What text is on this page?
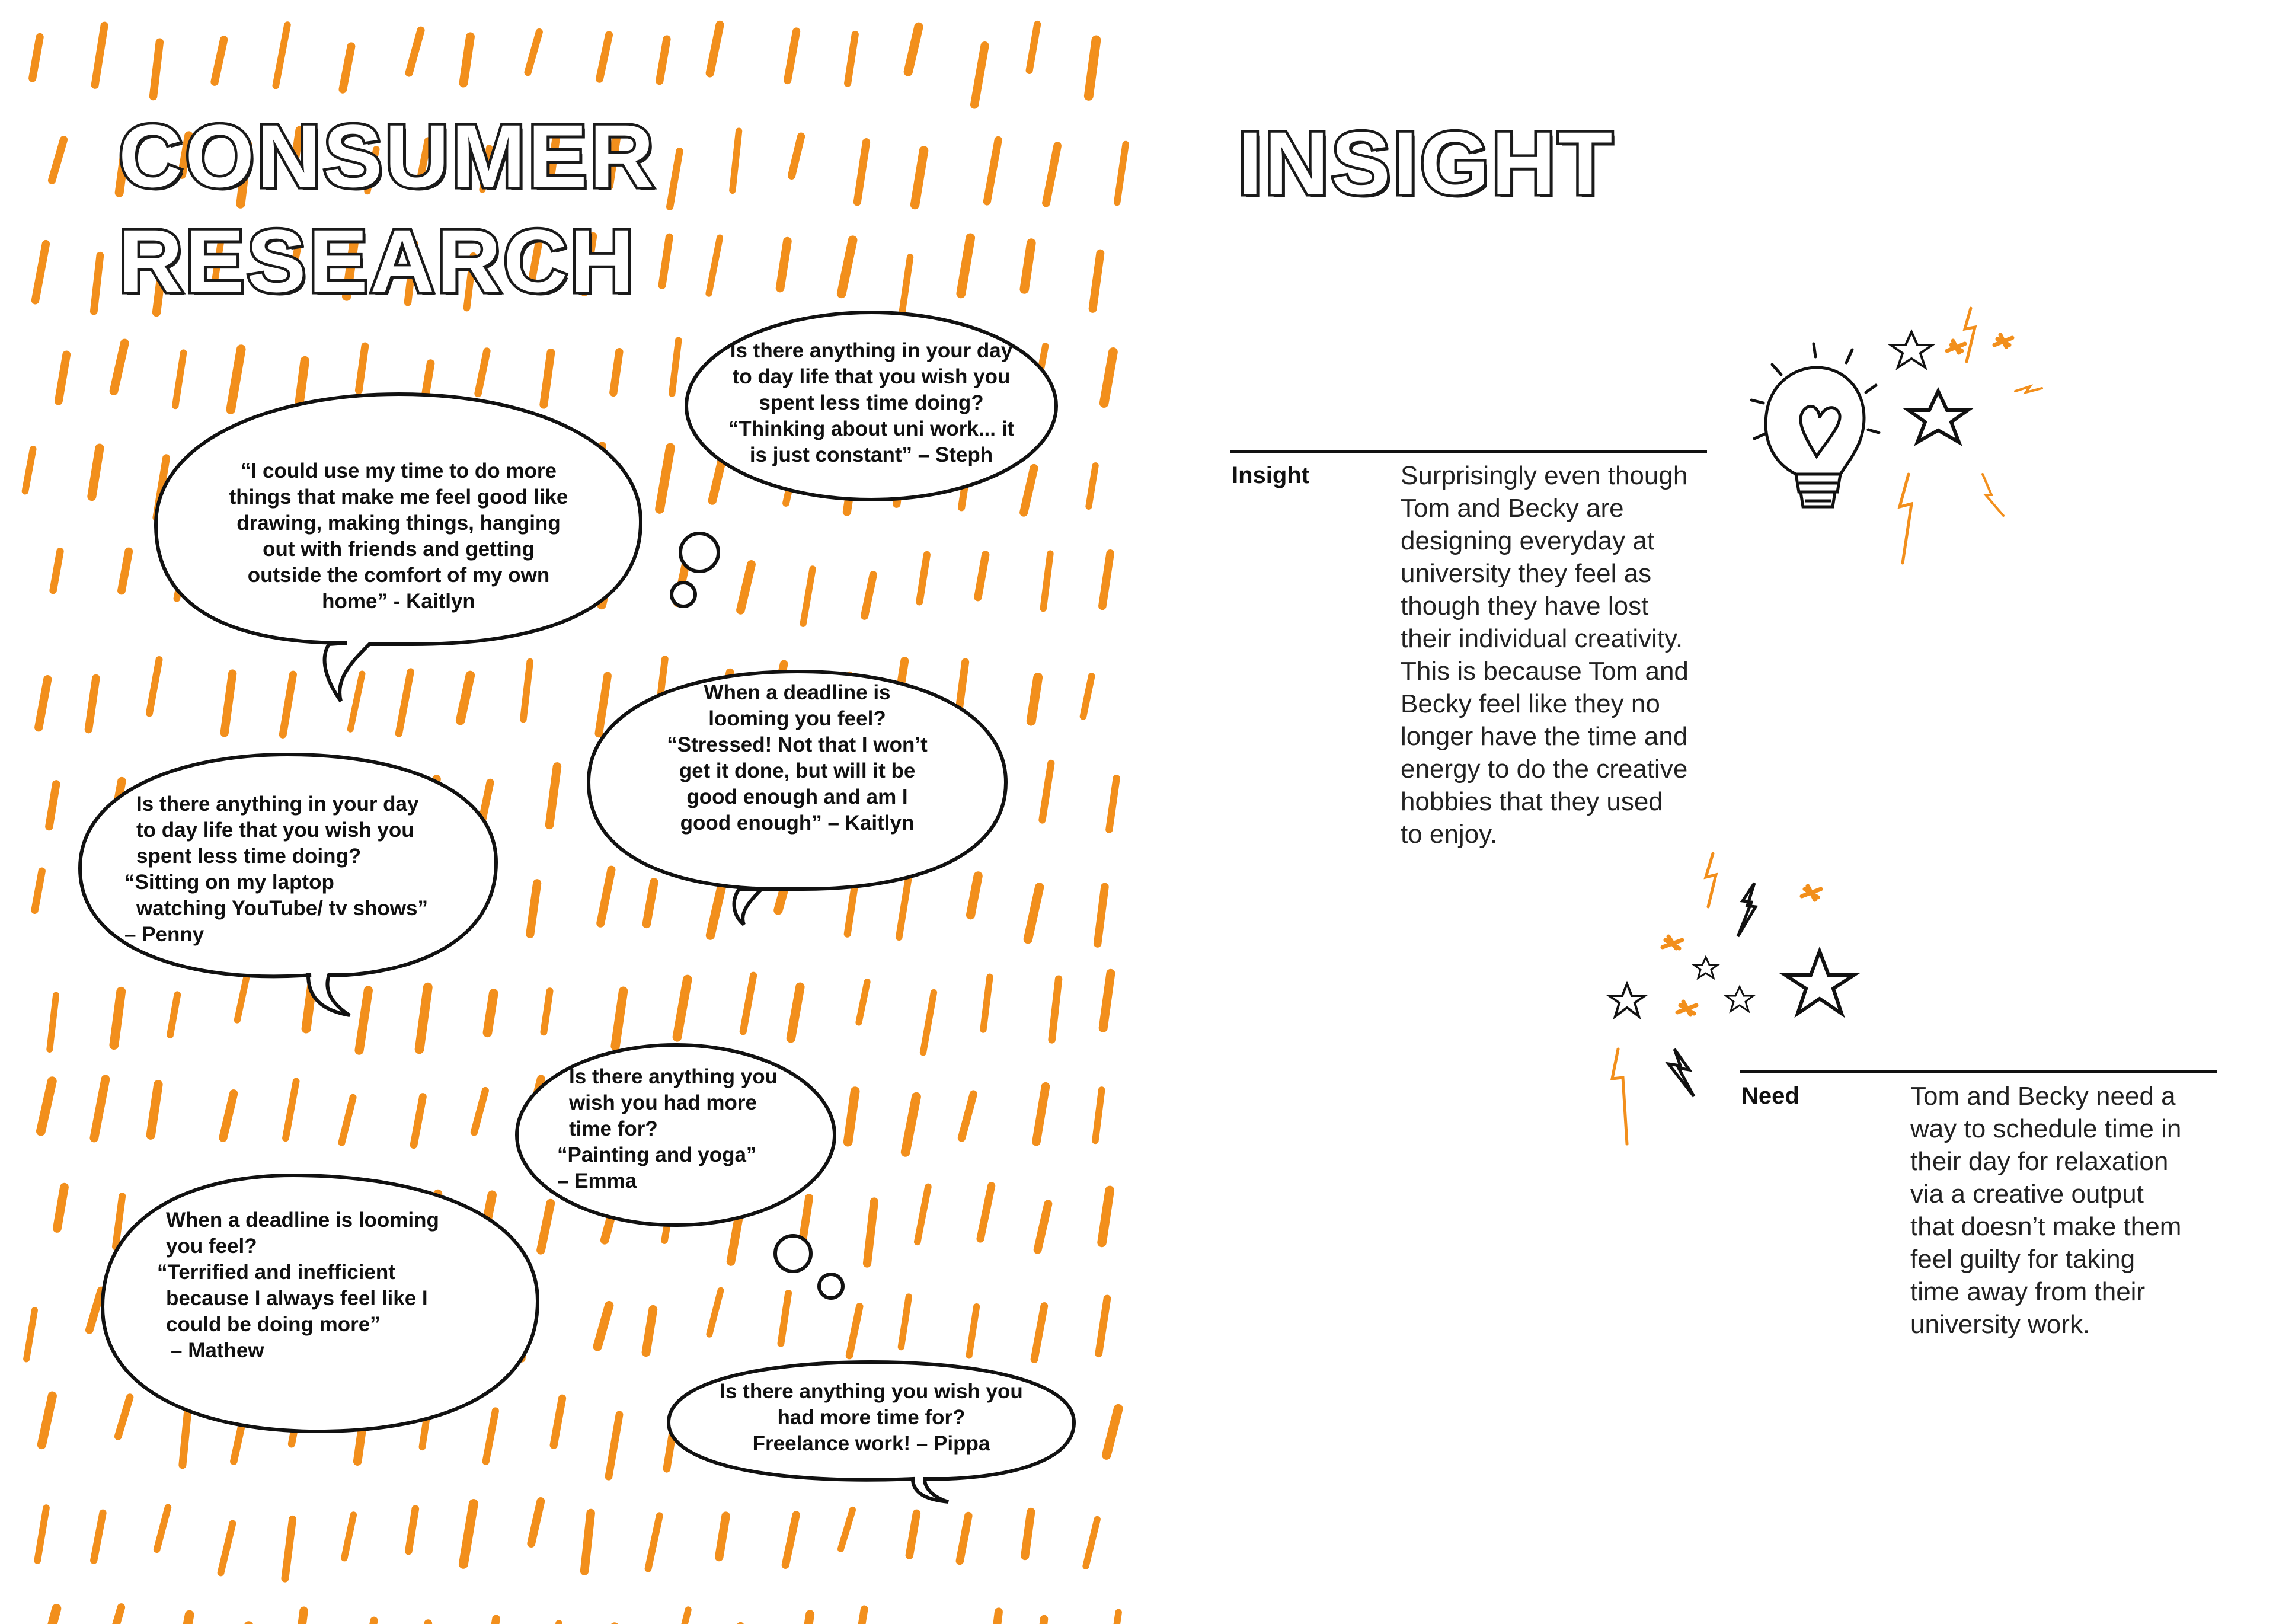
CONSUMER
RESEARCH
INSIGHT
Is there anything in your day
to day life that you wish you
spent less time doing?
“Thinking about uni work... it
is just constant” – Steph
“I could use my time to do more
things that make me feel good like
drawing, making things, hanging
out with friends and getting
outside the comfort of my own
home” - Kaitlyn
When a deadline is
looming you feel?
“Stressed! Not that I won’t
get it done, but will it be
good enough and am I
good enough” – Kaitlyn
Is there anything in your day
to day life that you wish you
spent less time doing?
“Sitting on my laptop
watching YouTube/ tv shows”
– Penny
Is there anything you
wish you had more
time for?
“Painting and yoga”
– Emma
When a deadline is looming
you feel?
“Terrified and inefficient
because I always feel like I
could be doing more”
– Mathew
Is there anything you wish you
had more time for?
Freelance work! – Pippa
Insight	Surprisingly even though
Tom and Becky are
designing everyday at
university they feel as
though they have lost
their individual creativity.
This is because Tom and
Becky feel like they no
longer have the time and
energy to do the creative
hobbies that they used
to enjoy.
Need	Tom and Becky need a
way to schedule time in
their day for relaxation
via a creative output
that doesn’t make them
feel guilty for taking
time away from their
university work.
